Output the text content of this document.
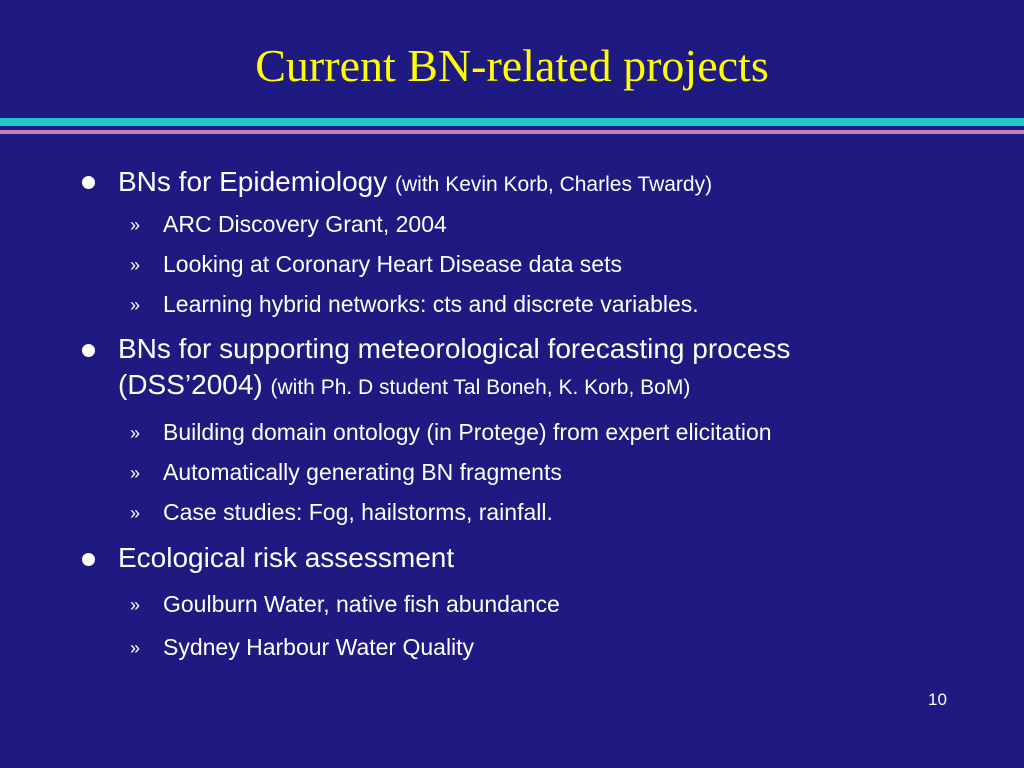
Current BN-related projects
BNs for Epidemiology (with Kevin Korb, Charles Twardy)
» ARC Discovery Grant, 2004
» Looking at Coronary Heart Disease data sets
» Learning hybrid networks: cts and discrete variables.
BNs for supporting meteorological forecasting process
(DSS’2004) (with Ph. D student Tal Boneh, K. Korb, BoM)
» Building domain ontology (in Protege) from expert elicitation
» Automatically generating BN fragments
» Case studies: Fog, hailstorms, rainfall.
Ecological risk assessment
» Goulburn Water, native fish abundance
» Sydney Harbour Water Quality
10
